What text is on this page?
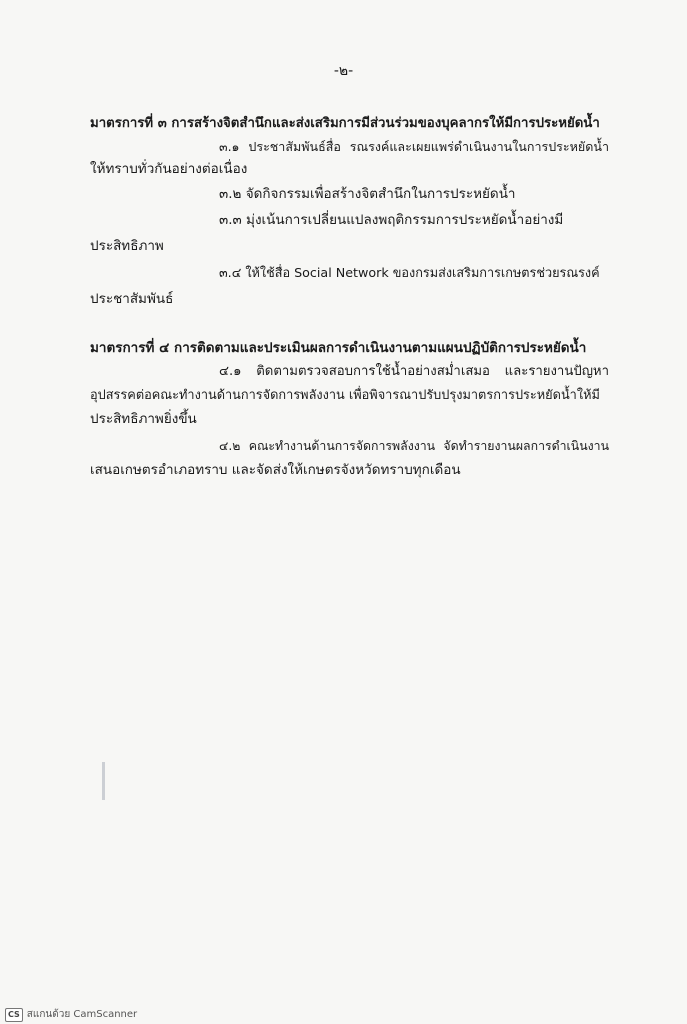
-๒-
มาตรการที่ ๓ การสร้างจิตสำนึกและส่งเสริมการมีส่วนร่วมของบุคลากรให้มีการประหยัดน้ำ
๓.๑ ประชาสัมพันธ์สื่อ รณรงค์และเผยแพร่ดำเนินงานในการประหยัดน้ำ
ให้ทราบทั่วกันอย่างต่อเนื่อง
๓.๒ จัดกิจกรรมเพื่อสร้างจิตสำนึกในการประหยัดน้ำ
๓.๓ มุ่งเน้นการเปลี่ยนแปลงพฤติกรรมการประหยัดน้ำอย่างมี
ประสิทธิภาพ
๓.๔ ให้ใช้สื่อ Social Network ของกรมส่งเสริมการเกษตรช่วยรณรงค์
ประชาสัมพันธ์
มาตรการที่ ๔ การติดตามและประเมินผลการดำเนินงานตามแผนปฏิบัติการประหยัดน้ำ
๔.๑ ติดตามตรวจสอบการใช้น้ำอย่างสม่ำเสมอ และรายงานปัญหา
อุปสรรคต่อคณะทำงานด้านการจัดการพลังงาน เพื่อพิจารณาปรับปรุงมาตรการประหยัดน้ำให้มี
ประสิทธิภาพยิ่งขึ้น
๔.๒ คณะทำงานด้านการจัดการพลังงาน จัดทำรายงานผลการดำเนินงาน
เสนอเกษตรอำเภอทราบ และจัดส่งให้เกษตรจังหวัดทราบทุกเดือน
CS สแกนด้วย CamScanner
